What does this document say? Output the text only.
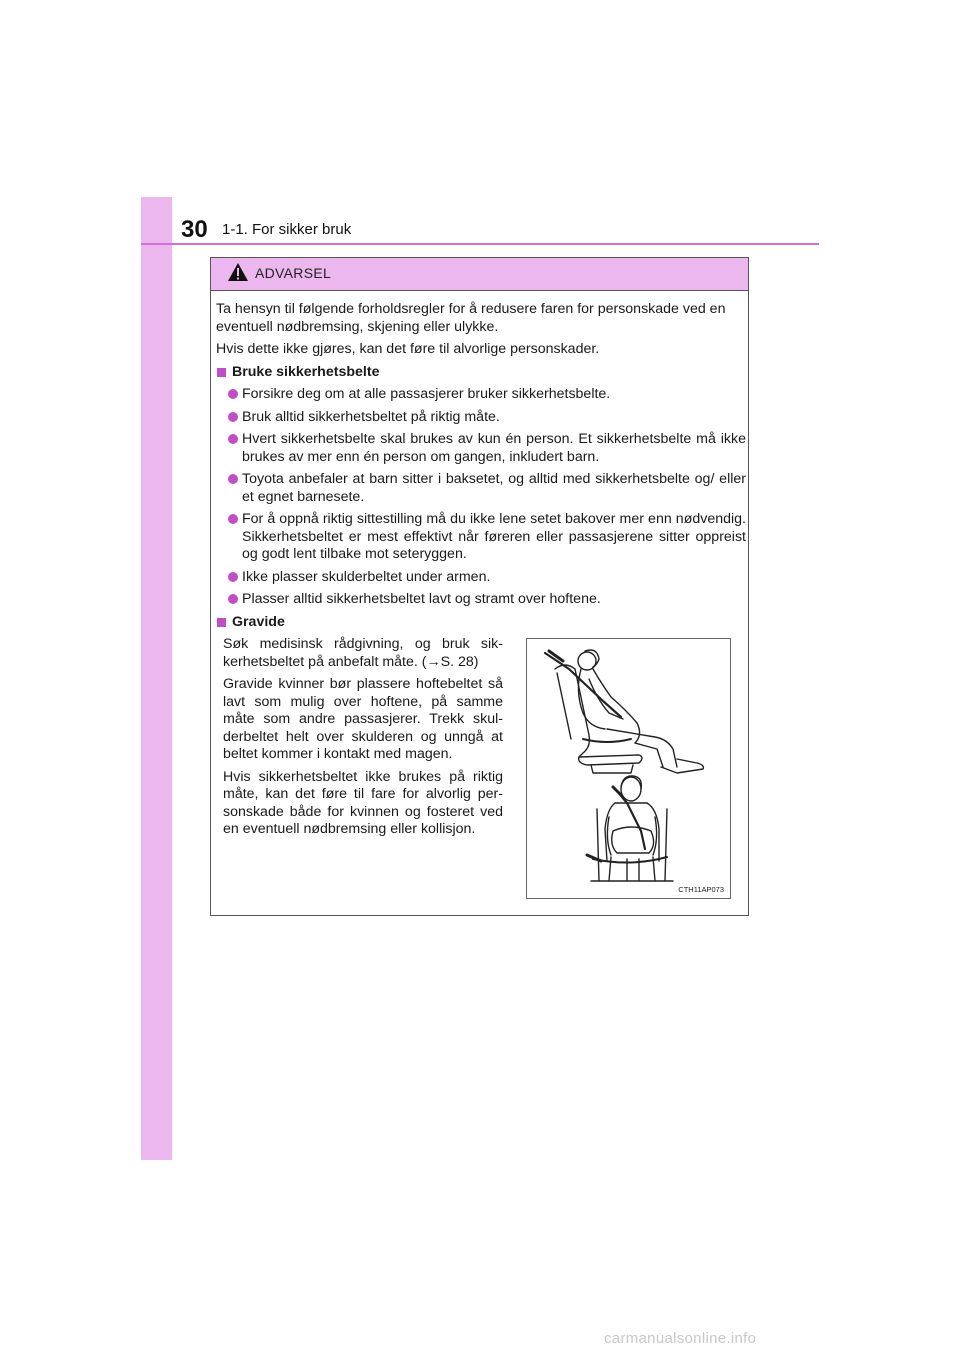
30 1-1. For sikker bruk
ADVARSEL

Ta hensyn til følgende forholdsregler for å redusere faren for personskade ved en eventuell nødbremsing, skjening eller ulykke.

Hvis dette ikke gjøres, kan det føre til alvorlige personskader.

Bruke sikkerhetsbelte
Forsikre deg om at alle passasjerer bruker sikkerhetsbelte.
Bruk alltid sikkerhetsbeltet på riktig måte.
Hvert sikkerhetsbelte skal brukes av kun én person. Et sikkerhetsbelte må ikke brukes av mer enn én person om gangen, inkludert barn.
Toyota anbefaler at barn sitter i baksetet, og alltid med sikkerhetsbelte og/ eller et egnet barnesete.
For å oppnå riktig sittestilling må du ikke lene setet bakover mer enn nødvendig. Sikkerhetsbeltet er mest effektivt når føreren eller passasjerene sitter oppreist og godt lent tilbake mot seteryggen.
Ikke plasser skulderbeltet under armen.
Plasser alltid sikkerhetsbeltet lavt og stramt over hoftene.
Gravide

Søk medisinsk rådgivning, og bruk sik-kerhetsbeltet på anbefalt måte. (→S. 28)

Gravide kvinner bør plassere hoftebeltet så lavt som mulig over hoftene, på samme måte som andre passasjerer. Trekk skul-derbeltet helt over skulderen og unngå at beltet kommer i kontakt med magen.

Hvis sikkerhetsbeltet ikke brukes på riktig måte, kan det føre til fare for alvorlig per-sonskade både for kvinnen og fosteret ved en eventuell nødbremsing eller kollisjon.

CTH11AP073
carmanualsonline.info
